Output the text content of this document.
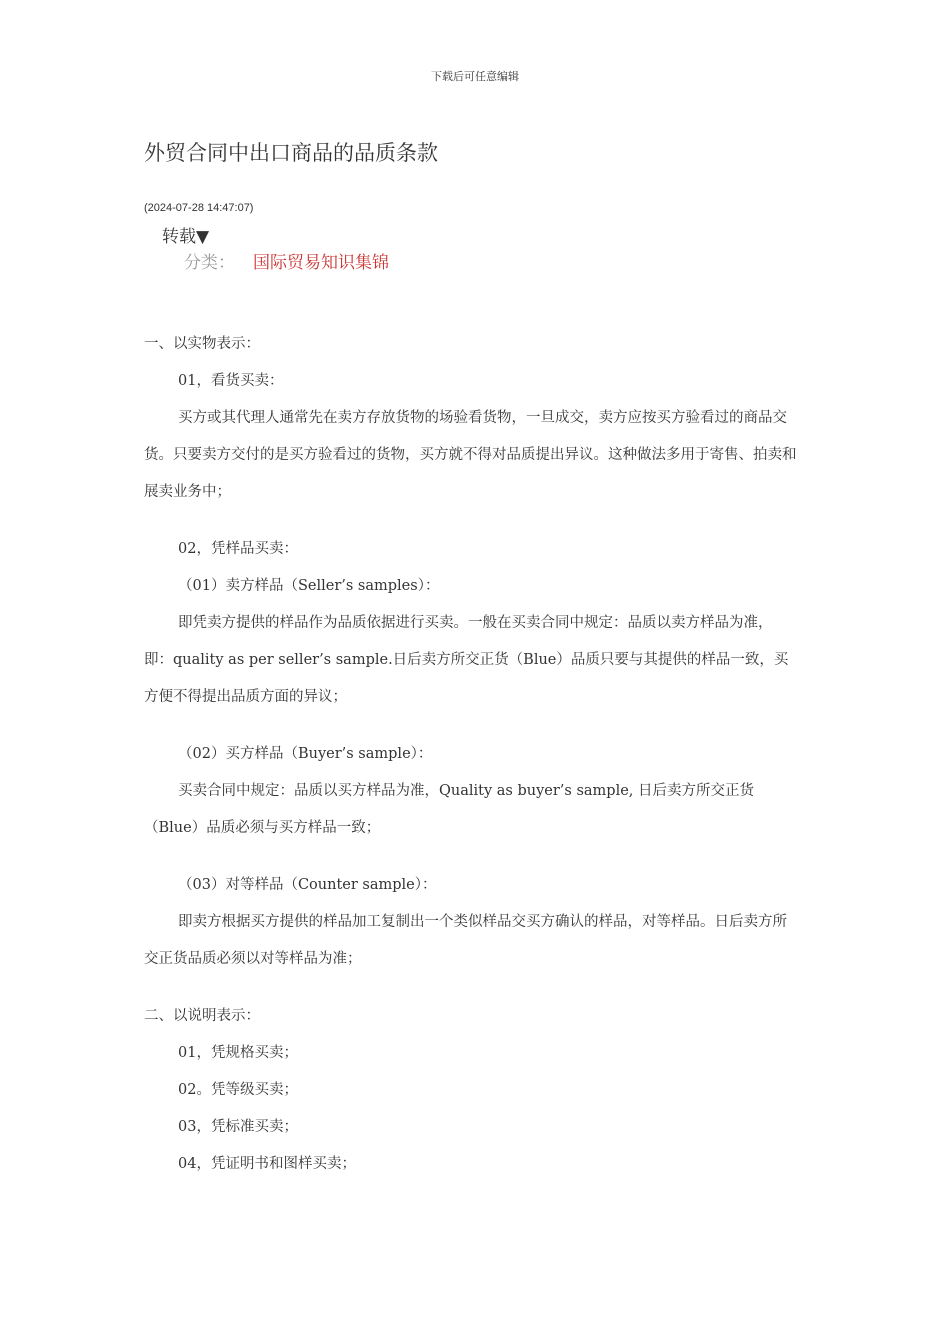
下载后可任意编辑
外贸合同中出口商品的品质条款
(2024-07-28 14:47:07)
转载▼
分类： 国际贸易知识集锦

一、以实物表示：

01，看货买卖：

买方或其代理人通常先在卖方存放货物的场验看货物，一旦成交，卖方应按买方验看过的商品交货。只要卖方交付的是买方验看过的货物，买方就不得对品质提出异议。这种做法多用于寄售、拍卖和展卖业务中；

02，凭样品买卖：

（01）卖方样品（Seller’s samples）：

即凭卖方提供的样品作为品质依据进行买卖。一般在买卖合同中规定：品质以卖方样品为准，即：quality as per seller’s sample.日后卖方所交正货（Blue）品质只要与其提供的样品一致，买方便不得提出品质方面的异议；

（02）买方样品（Buyer’s sample）：

买卖合同中规定：品质以买方样品为准，Quality as buyer’s sample, 日后卖方所交正货（Blue）品质必须与买方样品一致；

（03）对等样品（Counter sample）：

即卖方根据买方提供的样品加工复制出一个类似样品交买方确认的样品，对等样品。日后卖方所交正货品质必须以对等样品为准；

二、以说明表示：

01，凭规格买卖；

02。凭等级买卖；

03，凭标准买卖；

04，凭证明书和图样买卖；
